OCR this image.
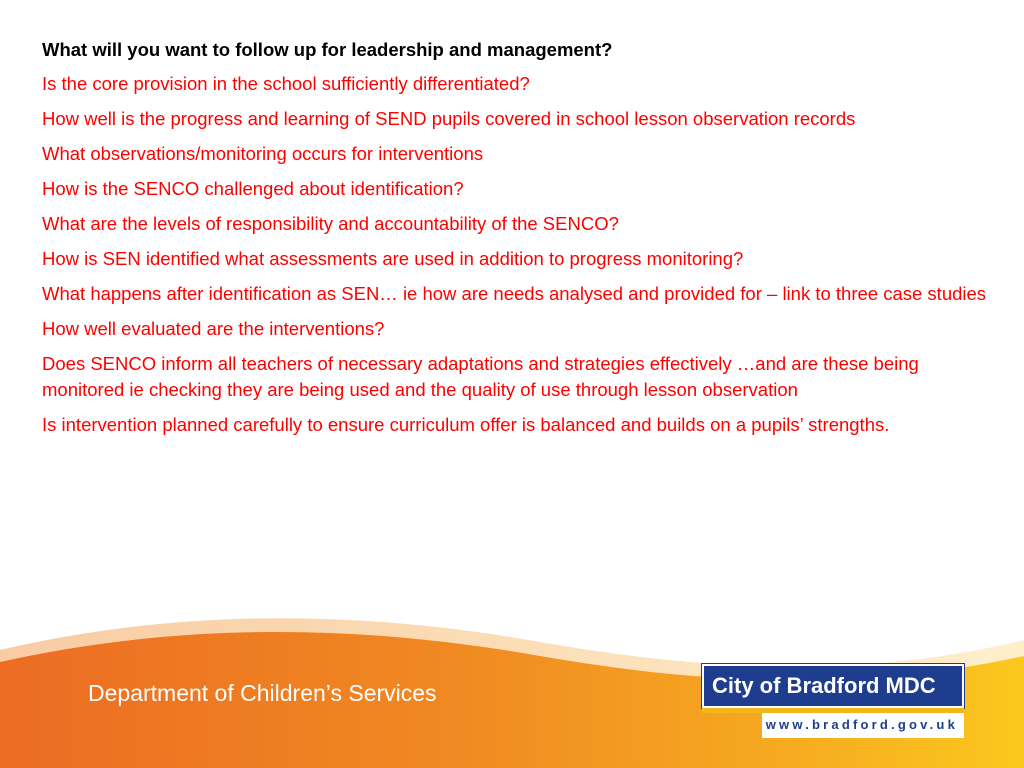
What will you want to follow up for leadership and management?

Is the core provision in the school sufficiently differentiated?

How well is the progress and learning of SEND pupils covered in school lesson observation records

What observations/monitoring occurs for interventions

How is the SENCO challenged about identification?

What are the levels of responsibility and accountability of the SENCO?

How is SEN identified what assessments are used in addition to progress monitoring?

What happens after identification as SEN… ie how are needs analysed and provided for – link to three case studies

How well evaluated are the interventions?

Does SENCO inform all teachers of necessary adaptations and strategies effectively …and are these being monitored ie checking they are being used and the quality of use through lesson observation

Is intervention planned carefully to ensure curriculum offer is balanced and builds on a pupils’ strengths.

Department of Children’s Services	City of Bradford MDC
www.bradford.gov.uk
